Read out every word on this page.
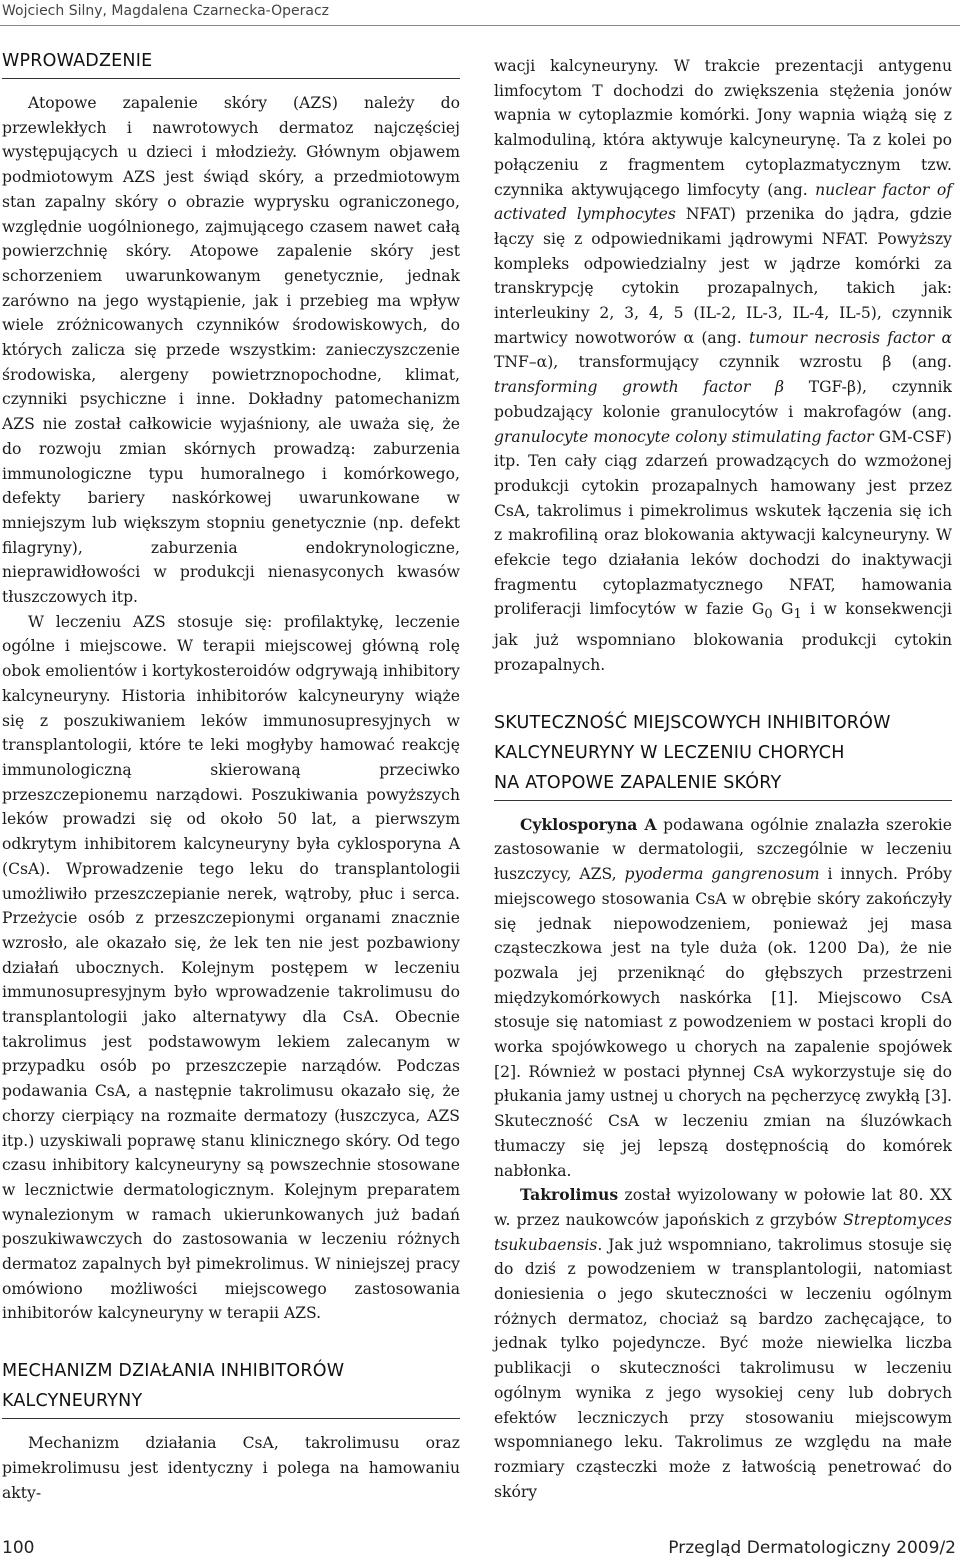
Wojciech Silny, Magdalena Czarnecka-Operacz
WPROWADZENIE

Atopowe zapalenie skóry (AZS) należy do przewlekłych i nawrotowych dermatoz najczęściej występujących u dzieci i młodzieży. Głównym objawem podmiotowym AZS jest świąd skóry, a przedmiotowym stan zapalny skóry o obrazie wyprysku ograniczonego, względnie uogólnionego, zajmującego czasem nawet całą powierzchnię skóry. Atopowe zapalenie skóry jest schorzeniem uwarunkowanym genetycznie, jednak zarówno na jego wystąpienie, jak i przebieg ma wpływ wiele zróżnicowanych czynników środowiskowych, do których zalicza się przede wszystkim: zanieczyszczenie środowiska, alergeny powietrznopochodne, klimat, czynniki psychiczne i inne. Dokładny patomechanizm AZS nie został całkowicie wyjaśniony, ale uważa się, że do rozwoju zmian skórnych prowadzą: zaburzenia immunologiczne typu humoralnego i komórkowego, defekty bariery naskórkowej uwarunkowane w mniejszym lub większym stopniu genetycznie (np. defekt filagryny), zaburzenia endokrynologiczne, nieprawidłowości w produkcji nienasyconych kwasów tłuszczowych itp.

W leczeniu AZS stosuje się: profilaktykę, leczenie ogólne i miejscowe. W terapii miejscowej główną rolę obok emolientów i kortykosteroidów odgrywają inhibitory kalcyneuryny. Historia inhibitorów kalcyneuryny wiąże się z poszukiwaniem leków immunosupresyjnych w transplantologii, które te leki mogłyby hamować reakcję immunologiczną skierowaną przeciwko przeszczepionemu narządowi. Poszukiwania powyższych leków prowadzi się od około 50 lat, a pierwszym odkrytym inhibitorem kalcyneuryny była cyklosporyna A (CsA). Wprowadzenie tego leku do transplantologii umożliwiło przeszczepianie nerek, wątroby, płuc i serca. Przeżycie osób z przeszczepionymi organami znacznie wzrosło, ale okazało się, że lek ten nie jest pozbawiony działań ubocznych. Kolejnym postępem w leczeniu immunosupresyjnym było wprowadzenie takrolimusu do transplantologii jako alternatywy dla CsA. Obecnie takrolimus jest podstawowym lekiem zalecanym w przypadku osób po przeszczepie narządów. Podczas podawania CsA, a następnie takrolimusu okazało się, że chorzy cierpiący na rozmaite dermatozy (łuszczyca, AZS itp.) uzyskiwali poprawę stanu klinicznego skóry. Od tego czasu inhibitory kalcyneuryny są powszechnie stosowane w lecznictwie dermatologicznym. Kolejnym preparatem wynalezionym w ramach ukierunkowanych już badań poszukiwawczych do zastosowania w leczeniu różnych dermatoz zapalnych był pimekrolimus. W niniejszej pracy omówiono możliwości miejscowego zastosowania inhibitorów kalcyneuryny w terapii AZS.

MECHANIZM DZIAŁANIA INHIBITORÓW
KALCYNEURYNY

Mechanizm działania CsA, takrolimusu oraz pimekrolimusu jest identyczny i polega na hamowaniu akty-

wacji kalcyneuryny. W trakcie prezentacji antygenu limfocytom T dochodzi do zwiększenia stężenia jonów wapnia w cytoplazmie komórki. Jony wapnia wiążą się z kalmoduliną, która aktywuje kalcyneurynę. Ta z kolei po połączeniu z fragmentem cytoplazmatycznym tzw. czynnika aktywującego limfocyty (ang. nuclear factor of activated lymphocytes NFAT) przenika do jądra, gdzie łączy się z odpowiednikami jądrowymi NFAT. Powyższy kompleks odpowiedzialny jest w jądrze komórki za transkrypcję cytokin prozapalnych, takich jak: interleukiny 2, 3, 4, 5 (IL-2, IL-3, IL-4, IL-5), czynnik martwicy nowotworów α (ang. tumour necrosis factor α TNF–α), transformujący czynnik wzrostu β (ang. transforming growth factor β TGF-β), czynnik pobudzający kolonie granulocytów i makrofagów (ang. granulocyte monocyte colony stimulating factor GM-CSF) itp. Ten cały ciąg zdarzeń prowadzących do wzmożonej produkcji cytokin prozapalnych hamowany jest przez CsA, takrolimus i pimekrolimus wskutek łączenia się ich z makrofiliną oraz blokowania aktywacji kalcyneuryny. W efekcie tego działania leków dochodzi do inaktywacji fragmentu cytoplazmatycznego NFAT, hamowania proliferacji limfocytów w fazie $G_0$ $G_1$ i w konsekwencji jak już wspomniano blokowania produkcji cytokin prozapalnych.

SKUTECZNOŚĆ MIEJSCOWYCH INHIBITORÓW
KALCYNEURYNY W LECZENIU CHORYCH
NA ATOPOWE ZAPALENIE SKÓRY

Cyklosporyna A podawana ogólnie znalazła szerokie zastosowanie w dermatologii, szczególnie w leczeniu łuszczycy, AZS, pyoderma gangrenosum i innych. Próby miejscowego stosowania CsA w obrębie skóry zakończyły się jednak niepowodzeniem, ponieważ jej masa cząsteczkowa jest na tyle duża (ok. 1200 Da), że nie pozwala jej przeniknąć do głębszych przestrzeni międzykomórkowych naskórka [1]. Miejscowo CsA stosuje się natomiast z powodzeniem w postaci kropli do worka spojówkowego u chorych na zapalenie spojówek [2]. Również w postaci płynnej CsA wykorzystuje się do płukania jamy ustnej u chorych na pęcherzycę zwykłą [3]. Skuteczność CsA w leczeniu zmian na śluzówkach tłumaczy się jej lepszą dostępnością do komórek nabłonka.

Takrolimus został wyizolowany w połowie lat 80. XX w. przez naukowców japońskich z grzybów Streptomyces tsukubaensis. Jak już wspomniano, takrolimus stosuje się do dziś z powodzeniem w transplantologii, natomiast doniesienia o jego skuteczności w leczeniu ogólnym różnych dermatoz, chociaż są bardzo zachęcające, to jednak tylko pojedyncze. Być może niewielka liczba publikacji o skuteczności takrolimusu w leczeniu ogólnym wynika z jego wysokiej ceny lub dobrych efektów leczniczych przy stosowaniu miejscowym wspomnianego leku. Takrolimus ze względu na małe rozmiary cząsteczki może z łatwością penetrować do skóry

100	Przegląd Dermatologiczny 2009/2
